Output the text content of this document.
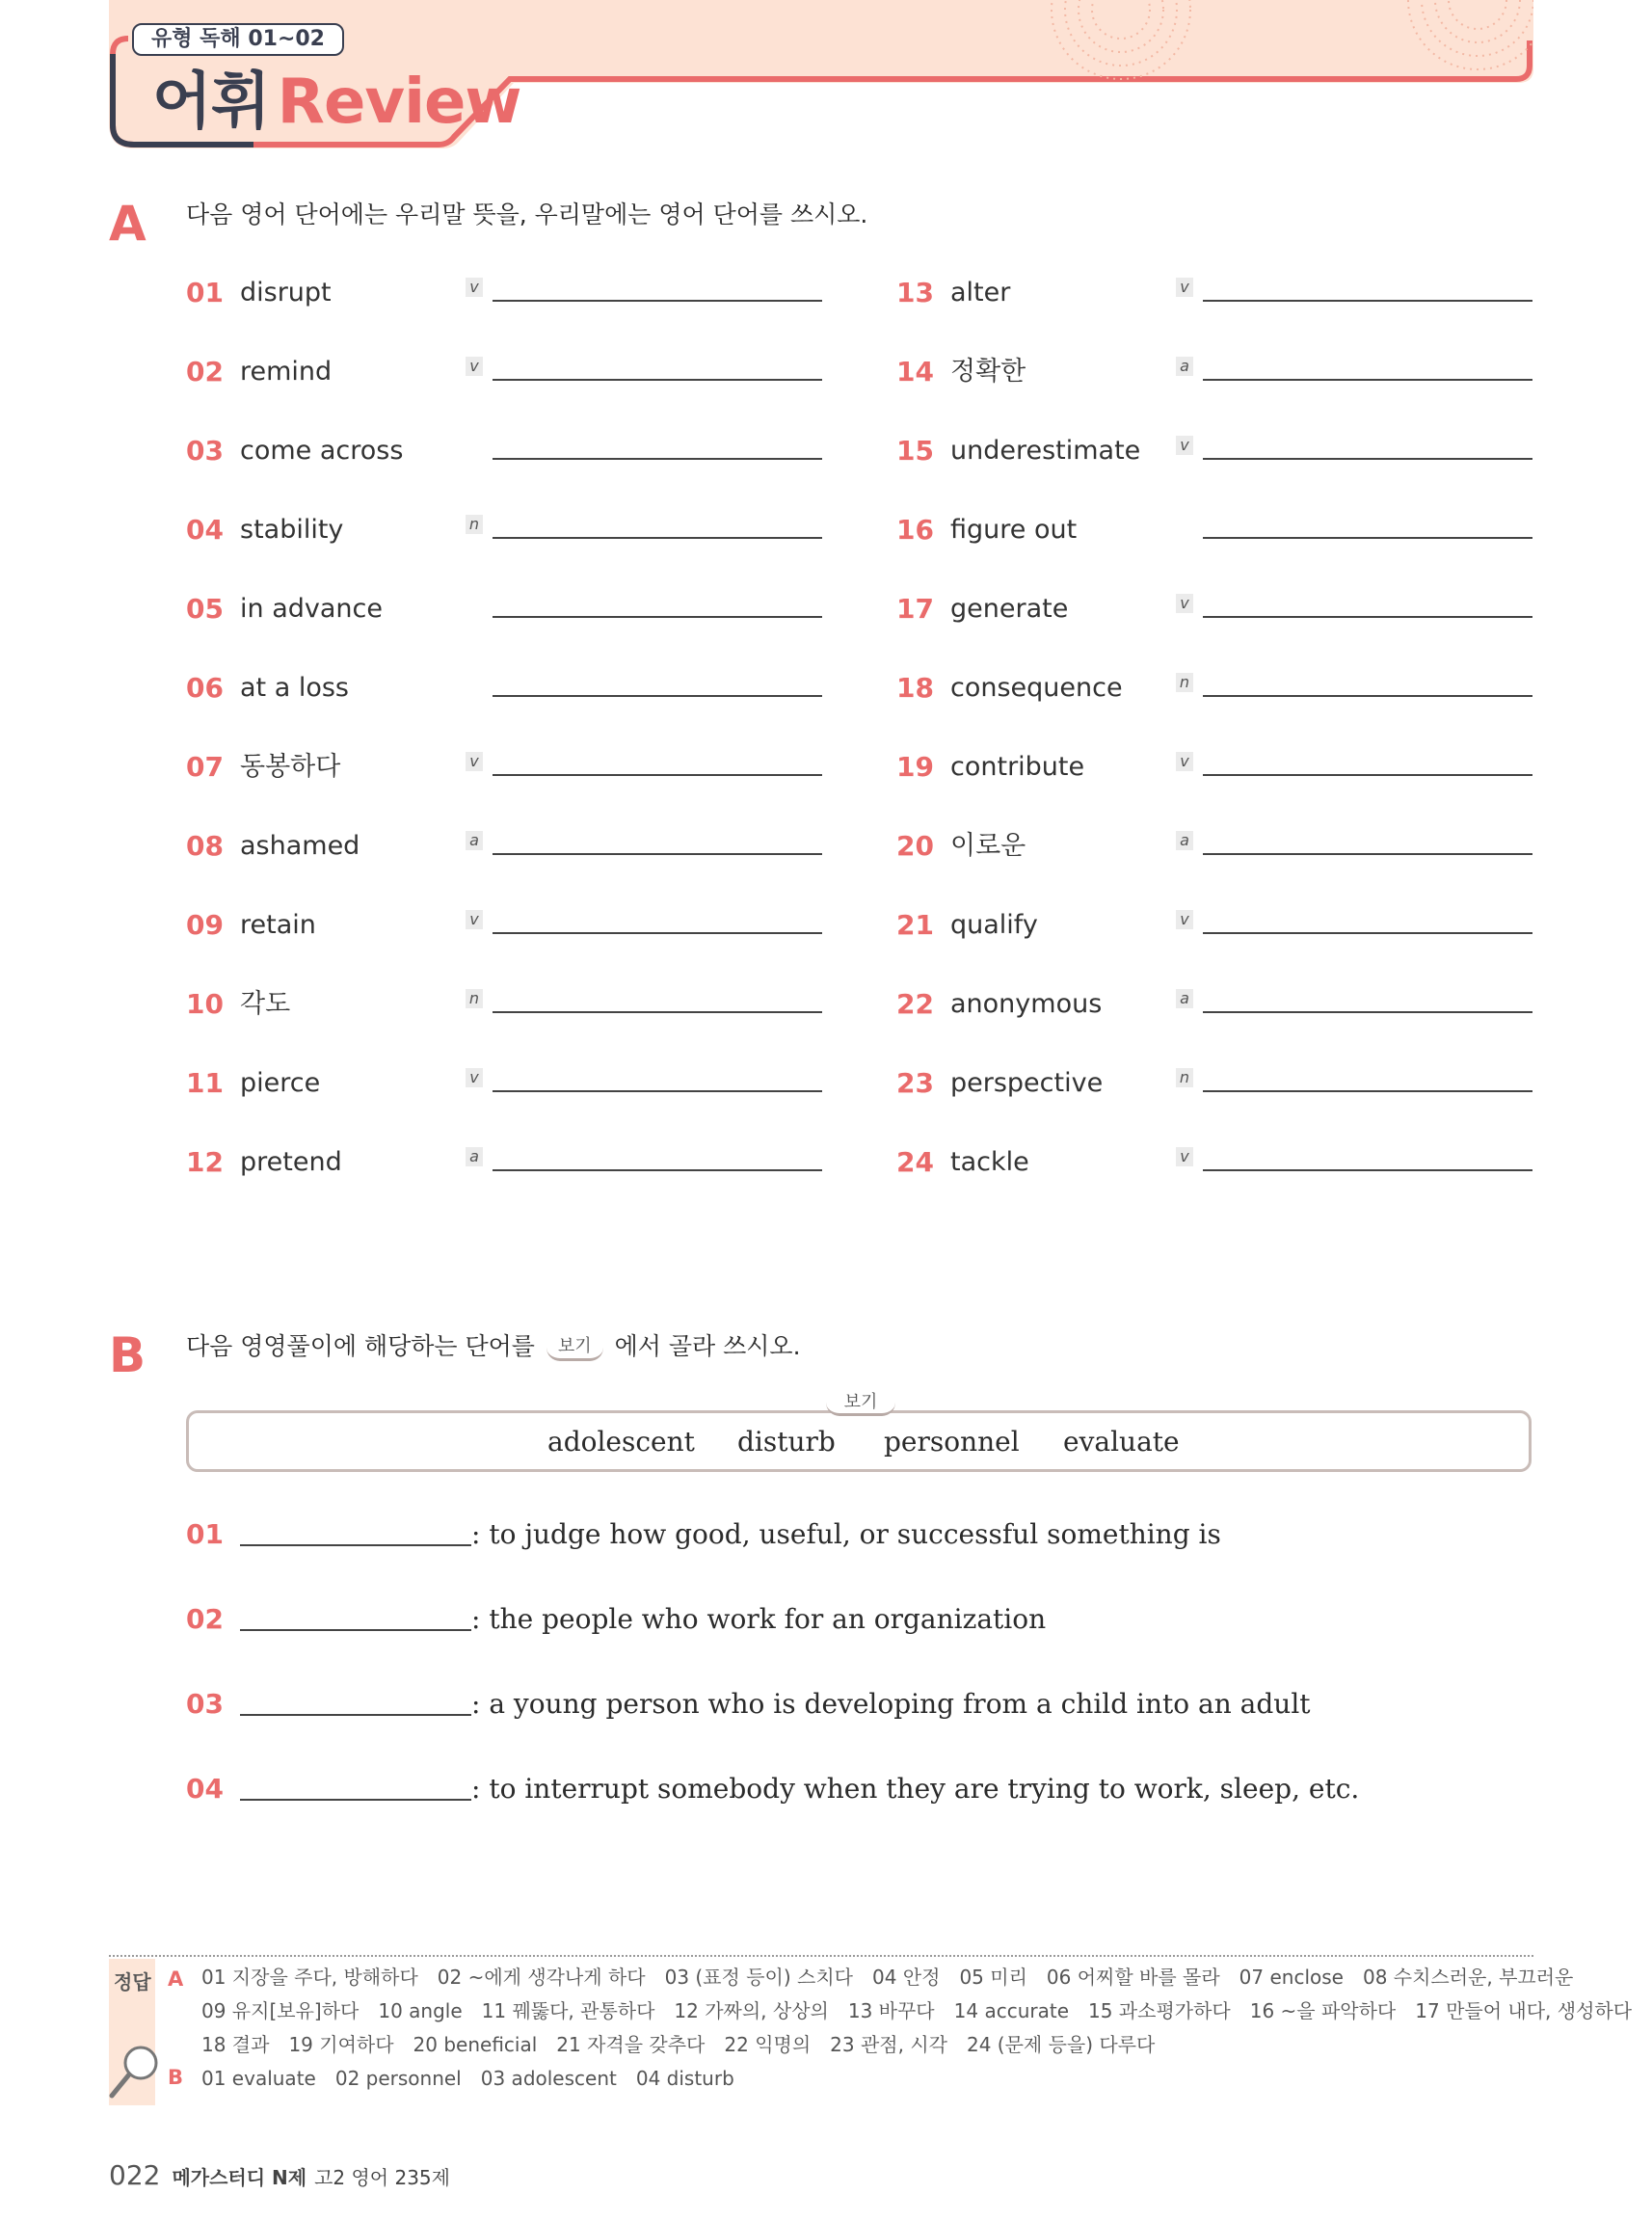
유형 독해 01~02
어휘 Review
A 다음 영어 단어에는 우리말 뜻을, 우리말에는 영어 단어를 쓰시오.
01 disrupt	v
02 remind	v
03 come across
04 stability	n
05 in advance
06 at a loss
07 동봉하다	v
08 ashamed	a
09 retain	v
10 각도	n
11 pierce	v
12 pretend	a
13 alter	v
14 정확한	a
15 underestimate	v
16 figure out
17 generate	v
18 consequence	n
19 contribute	v
20 이로운	a
21 qualify	v
22 anonymous	a
23 perspective	n
24 tackle	v
B 다음 영영풀이에 해당하는 단어를 보기 에서 골라 쓰시오.
보기
adolescent disturb personnel evaluate
01	: to judge how good, useful, or successful something is
02	: the people who work for an organization
03	: a young person who is developing from a child into an adult
04	: to interrupt somebody when they are trying to work, sleep, etc.
정답 A
B
01 지장을 주다, 방해하다 02 ~에게 생각나게 하다 03 (표정 등이) 스치다 04 안정 05 미리 06 어찌할 바를 몰라 07 enclose 08 수치스러운, 부끄러운
09 유지[보유]하다 10 angle 11 꿰뚫다, 관통하다 12 가짜의, 상상의 13 바꾸다 14 accurate 15 과소평가하다 16 ~을 파악하다 17 만들어 내다, 생성하다
18 결과 19 기여하다 20 beneficial 21 자격을 갖추다 22 익명의 23 관점, 시각 24 (문제 등을) 다루다
01 evaluate 02 personnel 03 adolescent 04 disturb
022 메가스터디 N제 고2 영어 235제
